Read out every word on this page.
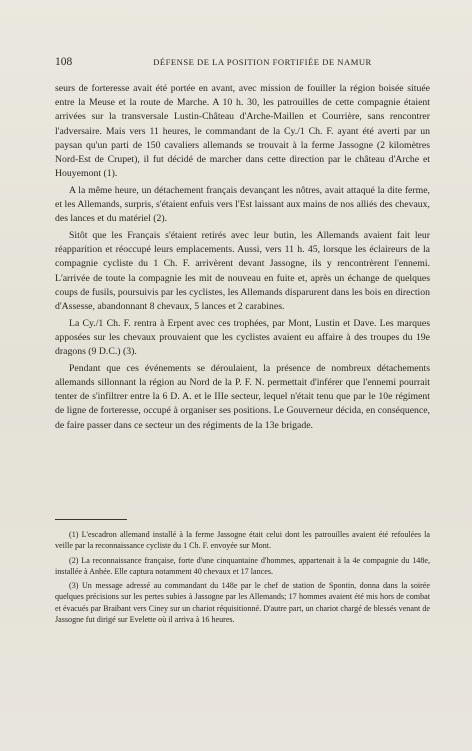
108	DÉFENSE DE LA POSITION FORTIFIÉE DE NAMUR

seurs de forteresse avait été portée en avant, avec mission de fouiller la région boisée située entre la Meuse et la route de Marche. A 10 h. 30, les patrouilles de cette compagnie étaient arrivées sur la transversale Lustin-Château d'Arche-Maillen et Courrière, sans rencontrer l'adversaire. Mais vers 11 heures, le commandant de la Cy./1 Ch. F. ayant été averti par un paysan qu'un parti de 150 cavaliers allemands se trouvait à la ferme Jassogne (2 kilomètres Nord-Est de Crupet), il fut décidé de marcher dans cette direction par le château d'Arche et Houyemont (1).

A la même heure, un détachement français devançant les nôtres, avait attaqué la dite ferme, et les Allemands, surpris, s'étaient enfuis vers l'Est laissant aux mains de nos alliés des chevaux, des lances et du matériel (2).

Sitôt que les Français s'étaient retirés avec leur butin, les Allemands avaient fait leur réapparition et réoccupé leurs emplacements. Aussi, vers 11 h. 45, lorsque les éclaireurs de la compagnie cycliste du 1 Ch. F. arrivèrent devant Jassogne, ils y rencontrèrent l'ennemi. L'arrivée de toute la compagnie les mit de nouveau en fuite et, après un échange de quelques coups de fusils, poursuivis par les cyclistes, les Allemands disparurent dans les bois en direction d'Assesse, abandonnant 8 chevaux, 5 lances et 2 carabines.

La Cy./1 Ch. F. rentra à Erpent avec ces trophées, par Mont, Lustin et Dave. Les marques apposées sur les chevaux prouvaient que les cyclistes avaient eu affaire à des troupes du 19e dragons (9 D.C.) (3).

Pendant que ces événements se déroulaient, la présence de nombreux détachements allemands sillonnant la région au Nord de la P. F. N. permettait d'inférer que l'ennemi pourrait tenter de s'infiltrer entre la 6 D. A. et le IIIe secteur, lequel n'était tenu que par le 10e régiment de ligne de forteresse, occupé à organiser ses positions. Le Gouverneur décida, en conséquence, de faire passer dans ce secteur un des régiments de la 13e brigade.

(1) L'escadron allemand installé à la ferme Jassogne était celui dont les patrouilles avaient été refoulées la veille par la reconnaissance cycliste du 1 Ch. F. envoyée sur Mont.

(2) La reconnaissance française, forte d'une cinquantaine d'hommes, appartenait à la 4e compagnie du 148e, installée à Anhée. Elle captura notamment 40 chevaux et 17 lances.

(3) Un message adressé au commandant du 148e par le chef de station de Spontin, donna dans la soirée quelques précisions sur les pertes subies à Jassogne par les Allemands; 17 hommes avaient été mis hors de combat et évacués par Braibant vers Ciney sur un chariot réquisitionné. D'autre part, un chariot chargé de blessés venant de Jassogne fut dirigé sur Evelette où il arriva à 16 heures.
